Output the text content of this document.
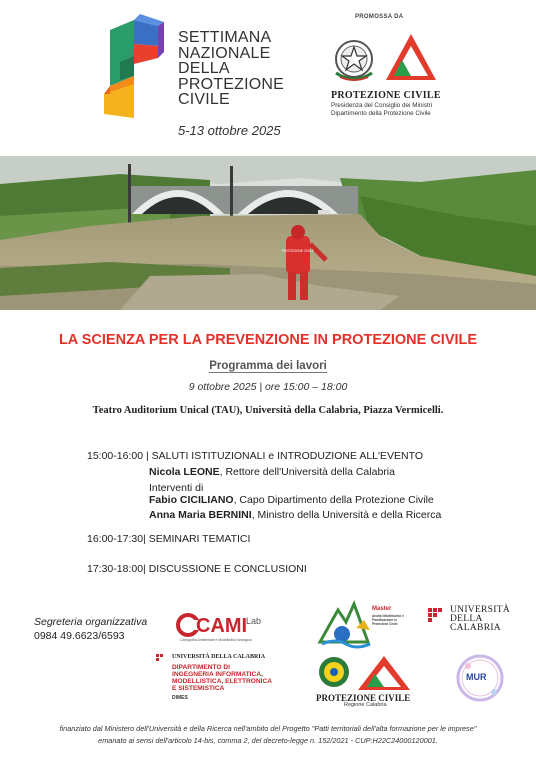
SETTIMANA
NAZIONALE
DELLA
PROTEZIONE
CIVILE
5-13 ottobre 2025
PROMOSSA DA
PROTEZIONE CIVILE
Presidenza del Consiglio dei Ministri
Dipartimento della Protezione Civile
PROTEZIONE CIVILE
LA SCIENZA PER LA PREVENZIONE IN PROTEZIONE CIVILE
Programma dei lavori
9 ottobre 2025 | ore 15:00 – 18:00
Teatro Auditorium Unical (TAU), Università della Calabria, Piazza Vermicelli.
15:00-16:00 | SALUTI ISTITUZIONALI e INTRODUZIONE ALL'EVENTO
Nicola LEONE, Rettore dell'Università della Calabria
Interventi di
Fabio CICILIANO, Capo Dipartimento della Protezione Civile
Anna Maria BERNINI, Ministro della Università e della Ricerca
16:00-17:30| SEMINARI TEMATICI
17:30-18:00| DISCUSSIONE E CONCLUSIONI
Segreteria organizzativa
0984 49.6623/6593	CAMI
Lab
Cartografia Ambientale e Modellistica Idrologica
Master
Analisi Multirischio e Pianificazione in Protezione Civile
UNIVERSITÀ
DELLA
CALABRIA
UNIVERSITÀ DELLA CALABRIA
DIPARTIMENTO DI
INGEGNERIA INFORMATICA,
MODELLISTICA, ELETTRONICA
E SISTEMISTICA
DIMES	PROTEZIONE CIVILE
Regione Calabria
MUR
finanziato dal Ministero dell'Università e della Ricerca nell'ambito del Progetto "Patti territoriali dell'alta formazione per le imprese"
emanato ai sensi dell'articolo 14-bis, comma 2, del decreto-legge n. 152/2021 - CUP:H22C24000120001.
